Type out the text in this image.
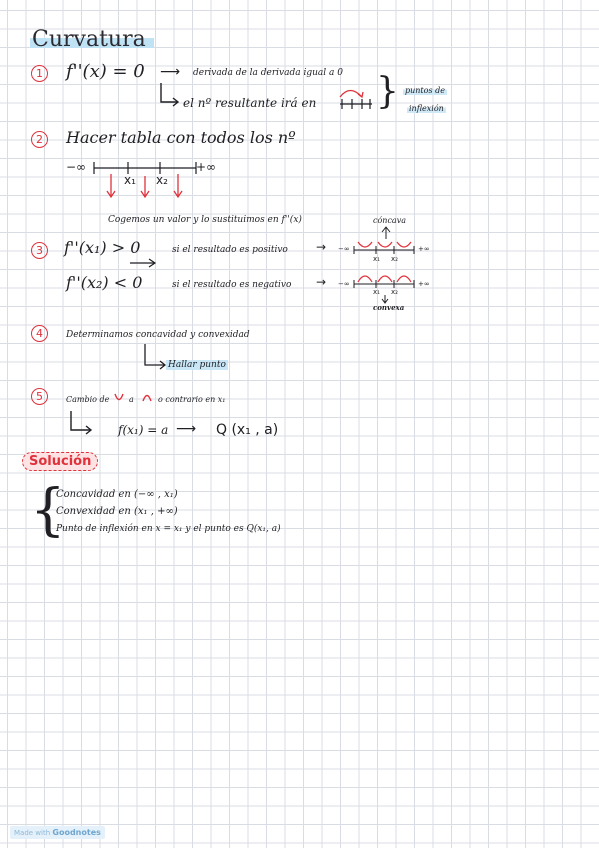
Curvatura
1 f''(x) = 0 ⟶ derivada de la derivada igual a 0
el nº resultante irá en } puntos de
inflexión
2	Hacer tabla con todos los nº
−∞	+∞
x₁ x₂
Cogemos un valor y lo sustituimos en f''(x)
3	f''(x₁) > 0	si el resultado es positivo →
cóncava
−∞	+∞
x₁ x₂
f''(x₂) < 0	si el resultado es negativo → −∞	+∞
x₁ x₂
convexa
4	Determinamos concavidad y convexidad
Hallar punto
5	Cambio de a	o contrario en x₁
f(x₁) = a ⟶ Q (x₁ , a)
Solución
{
Concavidad en (−∞ , x₁)
Convexidad en (x₁ , +∞)
Punto de inflexión en x = x₁ y el punto es Q(x₁, a)
Made with Goodnotes
